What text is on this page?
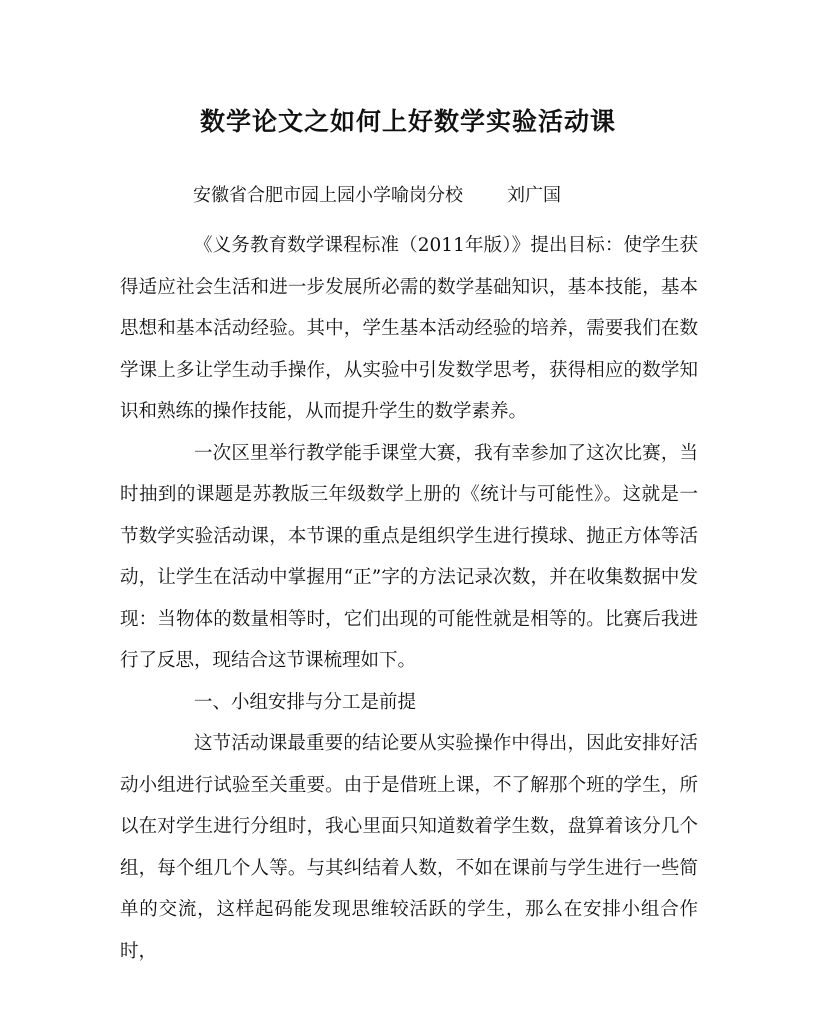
数学论文之如何上好数学实验活动课
安徽省合肥市园上园小学喻岗分校 刘广国

《义务教育数学课程标准（2011年版）》提出目标：使学生获得适应社会生活和进一步发展所必需的数学基础知识，基本技能，基本思想和基本活动经验。其中，学生基本活动经验的培养，需要我们在数学课上多让学生动手操作，从实验中引发数学思考，获得相应的数学知识和熟练的操作技能，从而提升学生的数学素养。

一次区里举行教学能手课堂大赛，我有幸参加了这次比赛，当时抽到的课题是苏教版三年级数学上册的《统计与可能性》。这就是一节数学实验活动课，本节课的重点是组织学生进行摸球、抛正方体等活动，让学生在活动中掌握用“正”字的方法记录次数，并在收集数据中发现：当物体的数量相等时，它们出现的可能性就是相等的。比赛后我进行了反思，现结合这节课梳理如下。

一、小组安排与分工是前提

这节活动课最重要的结论要从实验操作中得出，因此安排好活动小组进行试验至关重要。由于是借班上课，不了解那个班的学生，所以在对学生进行分组时，我心里面只知道数着学生数，盘算着该分几个组，每个组几个人等。与其纠结着人数，不如在课前与学生进行一些简单的交流，这样起码能发现思维较活跃的学生，那么在安排小组合作时，
